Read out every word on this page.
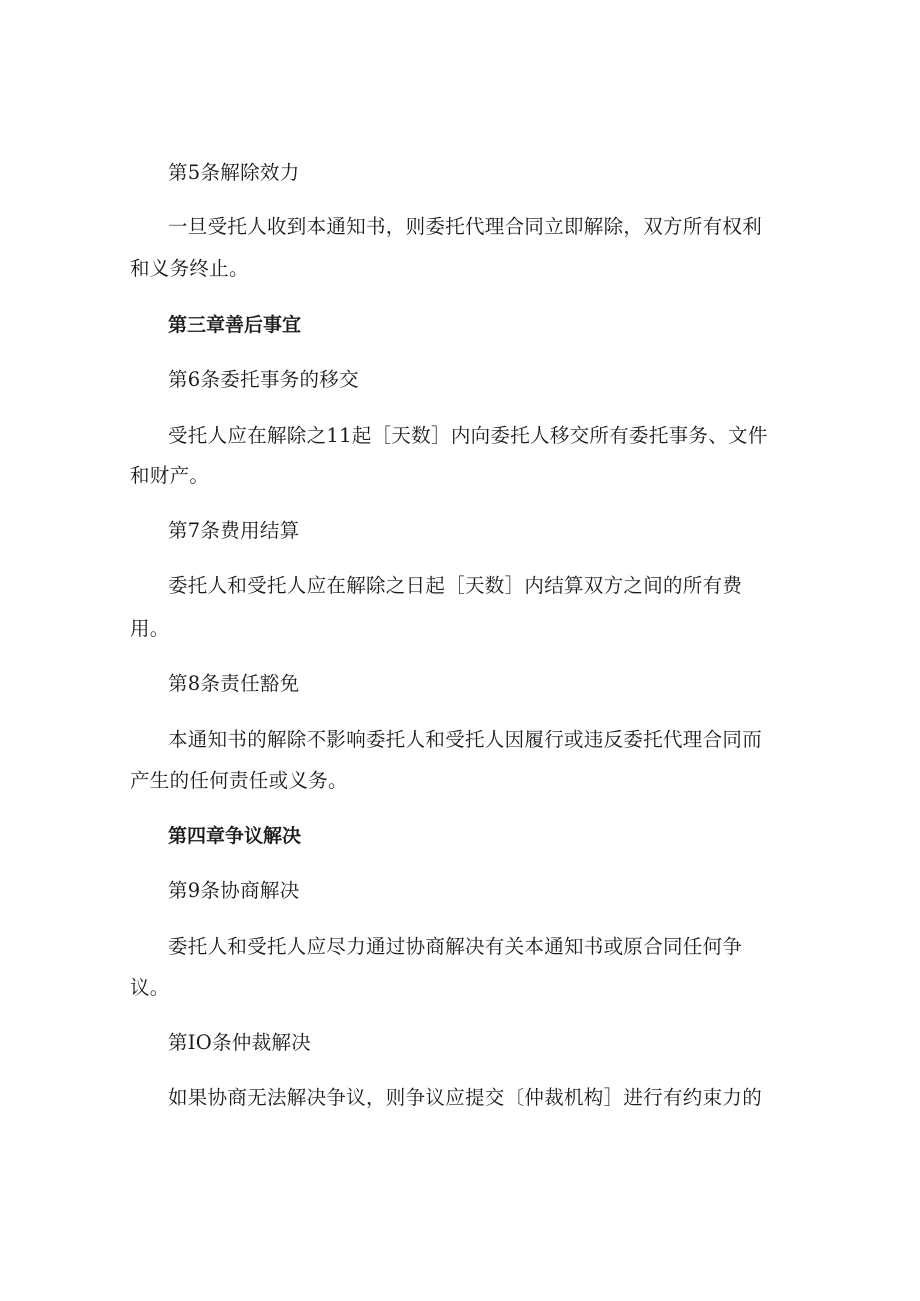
第5条解除效力
一旦受托人收到本通知书，则委托代理合同立即解除，双方所有权利
和义务终止。
第三章善后事宜
第6条委托事务的移交
受托人应在解除之11起［天数］内向委托人移交所有委托事务、文件
和财产。
第7条费用结算
委托人和受托人应在解除之日起［天数］内结算双方之间的所有费
用。
第8条责任豁免
本通知书的解除不影响委托人和受托人因履行或违反委托代理合同而
产生的任何责任或义务。
第四章争议解决
第9条协商解决
委托人和受托人应尽力通过协商解决有关本通知书或原合同任何争
议。
第IO条仲裁解决
如果协商无法解决争议，则争议应提交〔仲裁机构］进行有约束力的
